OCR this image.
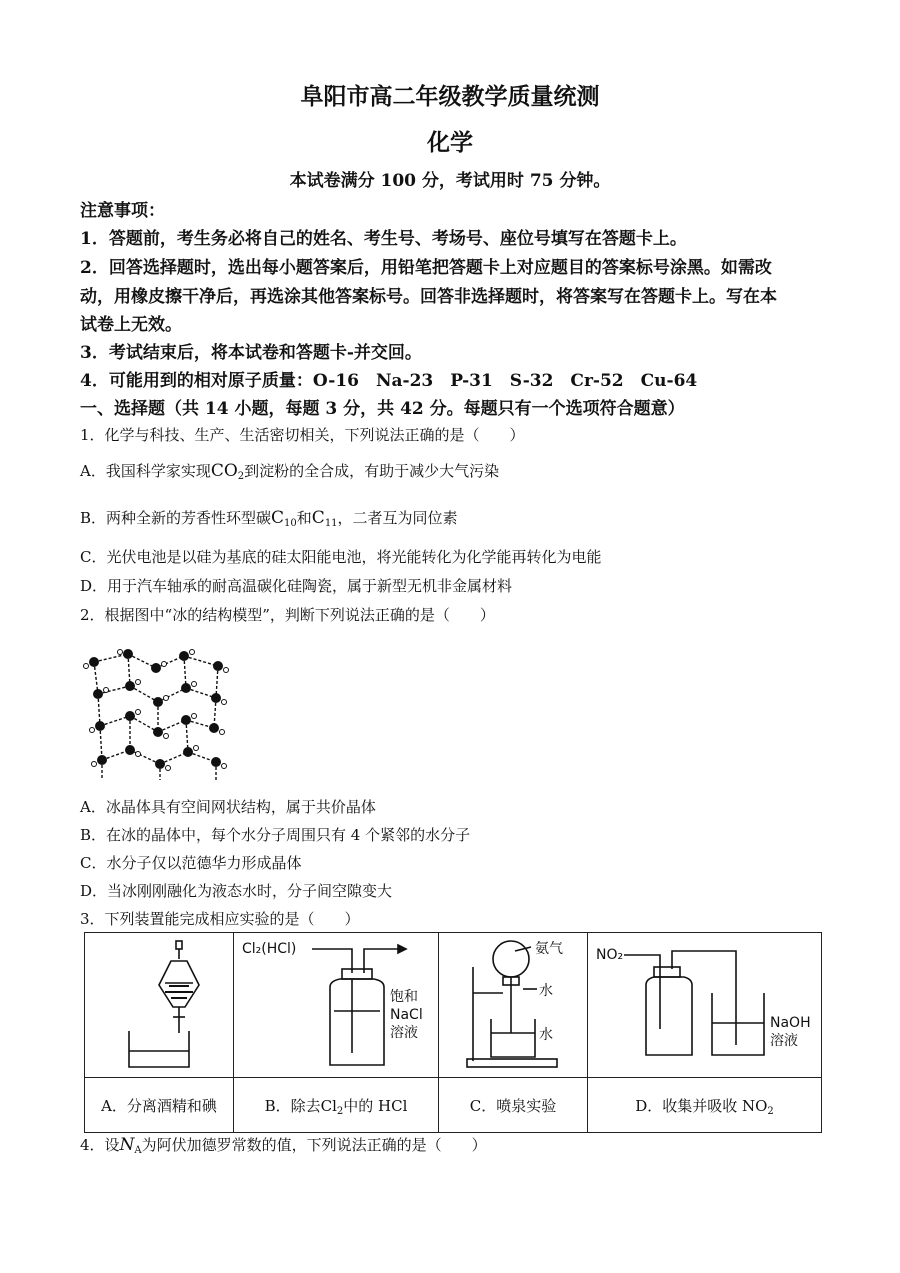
阜阳市高二年级教学质量统测
化学
本试卷满分 100 分，考试用时 75 分钟。
注意事项：
1．答题前，考生务必将自己的姓名、考生号、考场号、座位号填写在答题卡上。
2．回答选择题时，选出每小题答案后，用铅笔把答题卡上对应题目的答案标号涂黑。如需改
动，用橡皮擦干净后，再选涂其他答案标号。回答非选择题时，将答案写在答题卡上。写在本
试卷上无效。
3．考试结束后，将本试卷和答题卡-并交回。
4．可能用到的相对原子质量：O-16　Na-23　P-31　S-32　Cr-52　Cu-64
一、选择题（共 14 小题，每题 3 分，共 42 分。每题只有一个选项符合题意）
1．化学与科技、生产、生活密切相关，下列说法正确的是（　　）
A．我国科学家实现$CO_2$到淀粉的全合成，有助于减少大气污染
B．两种全新的芳香性环型碳$C_{10}$和$C_{11}$，二者互为同位素
C．光伏电池是以硅为基底的硅太阳能电池，将光能转化为化学能再转化为电能
D．用于汽车轴承的耐高温碳化硅陶瓷，属于新型无机非金属材料
2．根据图中“冰的结构模型”，判断下列说法正确的是（　　）
A．冰晶体具有空间网状结构，属于共价晶体
B．在冰的晶体中，每个水分子周围只有 4 个紧邻的水分子
C．水分子仅以范德华力形成晶体
D．当冰刚刚融化为液态水时，分子间空隙变大
3．下列装置能完成相应实验的是（　　）

Cl₂(HCl)
饱和
NaCl
溶液	氨气
水
水	NO₂
NaOH
溶液

A．分离酒精和碘	B．除去$Cl_2$中的 HCl	C．喷泉实验	D．收集并吸收 $NO_2$
4．设$N_A$为阿伏加德罗常数的值，下列说法正确的是（　　）
